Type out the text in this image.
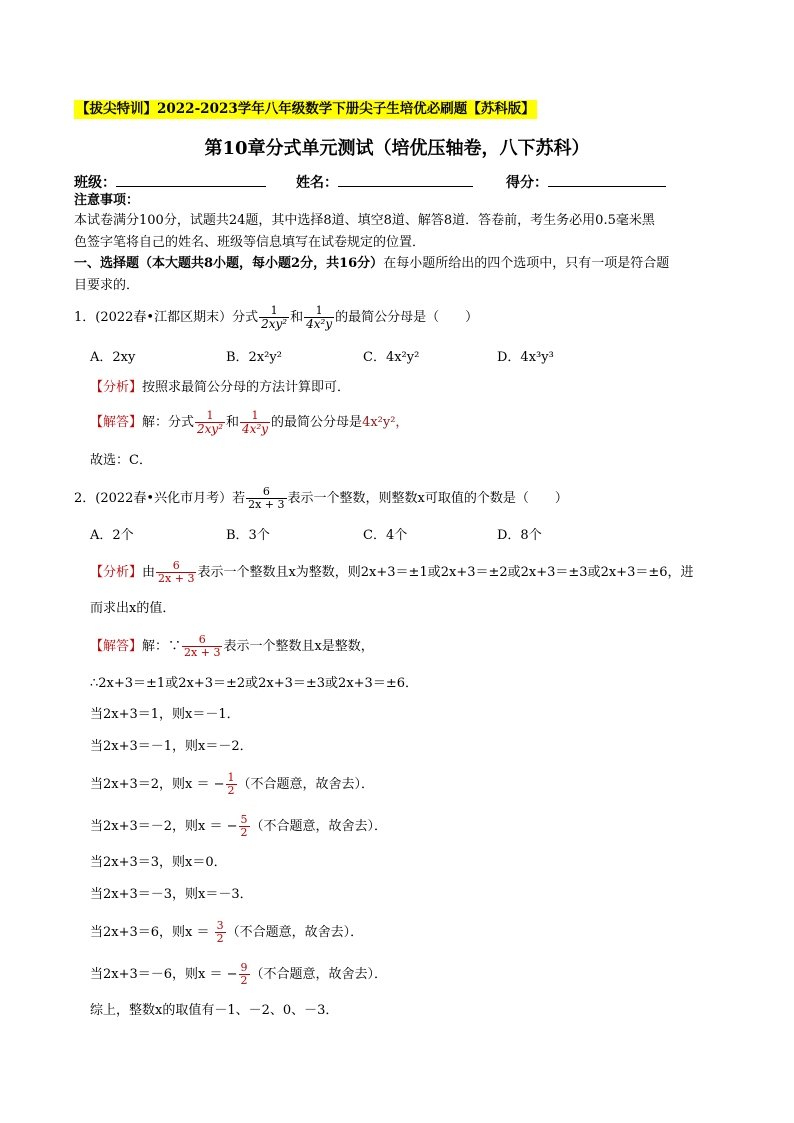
【拔尖特训】2022-2023学年八年级数学下册尖子生培优必刷题【苏科版】
第10章分式单元测试（培优压轴卷，八下苏科）
班级：	姓名：	得分：
注意事项：
本试卷满分100分，试题共24题，其中选择8道、填空8道、解答8道．答卷前，考生务必用0.5毫米黑
色签字笔将自己的姓名、班级等信息填写在试卷规定的位置．
一、选择题（本大题共8小题，每小题2分，共16分）在每小题所给出的四个选项中，只有一项是符合题
目要求的．
1．(2022春•江都区期末）分式 $\frac{1}{\text{2xy²}}$ 和 $\frac{1}{\text{4x²y}}$ 的最简公分母是（　　）
A．2xy	B．2x²y²	C．4x²y²	D．4x³y³
【分析】按照求最简公分母的方法计算即可．
【解答】解：分式 $\frac{1}{\text{2xy²}}$ 和 $\frac{1}{\text{4x²y}}$ 的最简公分母是4x²y²，
故选：C．
2．(2022春•兴化市月考）若 $\frac{6}{2x + 3}$ 表示一个整数，则整数x可取值的个数是（　　）
A．2个	B．3个	C．4个	D．8个
【分析】由 $\frac{6}{2x + 3}$ 表示一个整数且x为整数，则2x+3＝±1或2x+3＝±2或2x+3＝±3或2x+3＝±6，进
而求出x的值．
【解答】解：∵ $\frac{6}{2x + 3}$ 表示一个整数且x是整数，
∴2x+3＝±1或2x+3＝±2或2x+3＝±3或2x+3＝±6．
当2x+3＝1，则x＝－1．
当2x+3＝－1，则x＝－2．
当2x+3＝2，则x ＝ − $\frac{1}{2}$ （不合题意，故舍去）．
当2x+3＝－2，则x ＝ − $\frac{5}{2}$ （不合题意，故舍去）．
当2x+3＝3，则x＝0．
当2x+3＝－3，则x＝－3．
当2x+3＝6，则$x = \frac{3}{2}$ （不合题意，故舍去）．
当2x+3＝－6，则x ＝ − $\frac{9}{2}$ （不合题意，故舍去）．
综上，整数x的取值有－1、－2、0、－3．
